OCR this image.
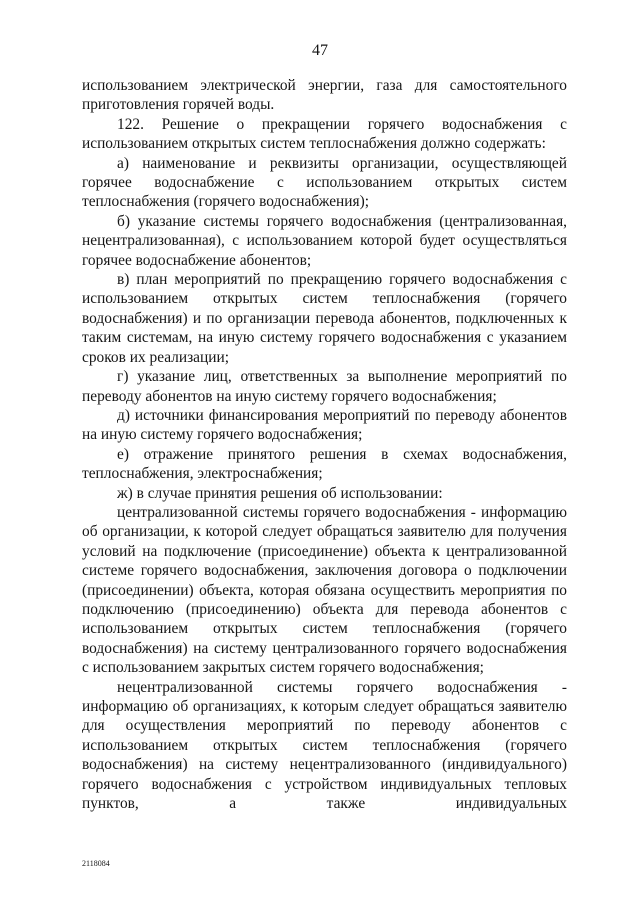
47

использованием электрической энергии, газа для самостоятельного приготовления горячей воды.

122. Решение о прекращении горячего водоснабжения с использованием открытых систем теплоснабжения должно содержать:

а) наименование и реквизиты организации, осуществляющей горячее водоснабжение с использованием открытых систем теплоснабжения (горячего водоснабжения);

б) указание системы горячего водоснабжения (централизованная, нецентрализованная), с использованием которой будет осуществляться горячее водоснабжение абонентов;

в) план мероприятий по прекращению горячего водоснабжения с использованием открытых систем теплоснабжения (горячего водоснабжения) и по организации перевода абонентов, подключенных к таким системам, на иную систему горячего водоснабжения с указанием сроков их реализации;

г) указание лиц, ответственных за выполнение мероприятий по переводу абонентов на иную систему горячего водоснабжения;

д) источники финансирования мероприятий по переводу абонентов на иную систему горячего водоснабжения;

е) отражение принятого решения в схемах водоснабжения, теплоснабжения, электроснабжения;

ж) в случае принятия решения об использовании:

централизованной системы горячего водоснабжения - информацию об организации, к которой следует обращаться заявителю для получения условий на подключение (присоединение) объекта к централизованной системе горячего водоснабжения, заключения договора о подключении (присоединении) объекта, которая обязана осуществить мероприятия по подключению (присоединению) объекта для перевода абонентов с использованием открытых систем теплоснабжения (горячего водоснабжения) на систему централизованного горячего водоснабжения с использованием закрытых систем горячего водоснабжения;

нецентрализованной системы горячего водоснабжения - информацию об организациях, к которым следует обращаться заявителю для осуществления мероприятий по переводу абонентов с использованием открытых систем теплоснабжения (горячего водоснабжения) на систему нецентрализованного (индивидуального) горячего водоснабжения с устройством индивидуальных тепловых пунктов, а также индивидуальных

2118084
